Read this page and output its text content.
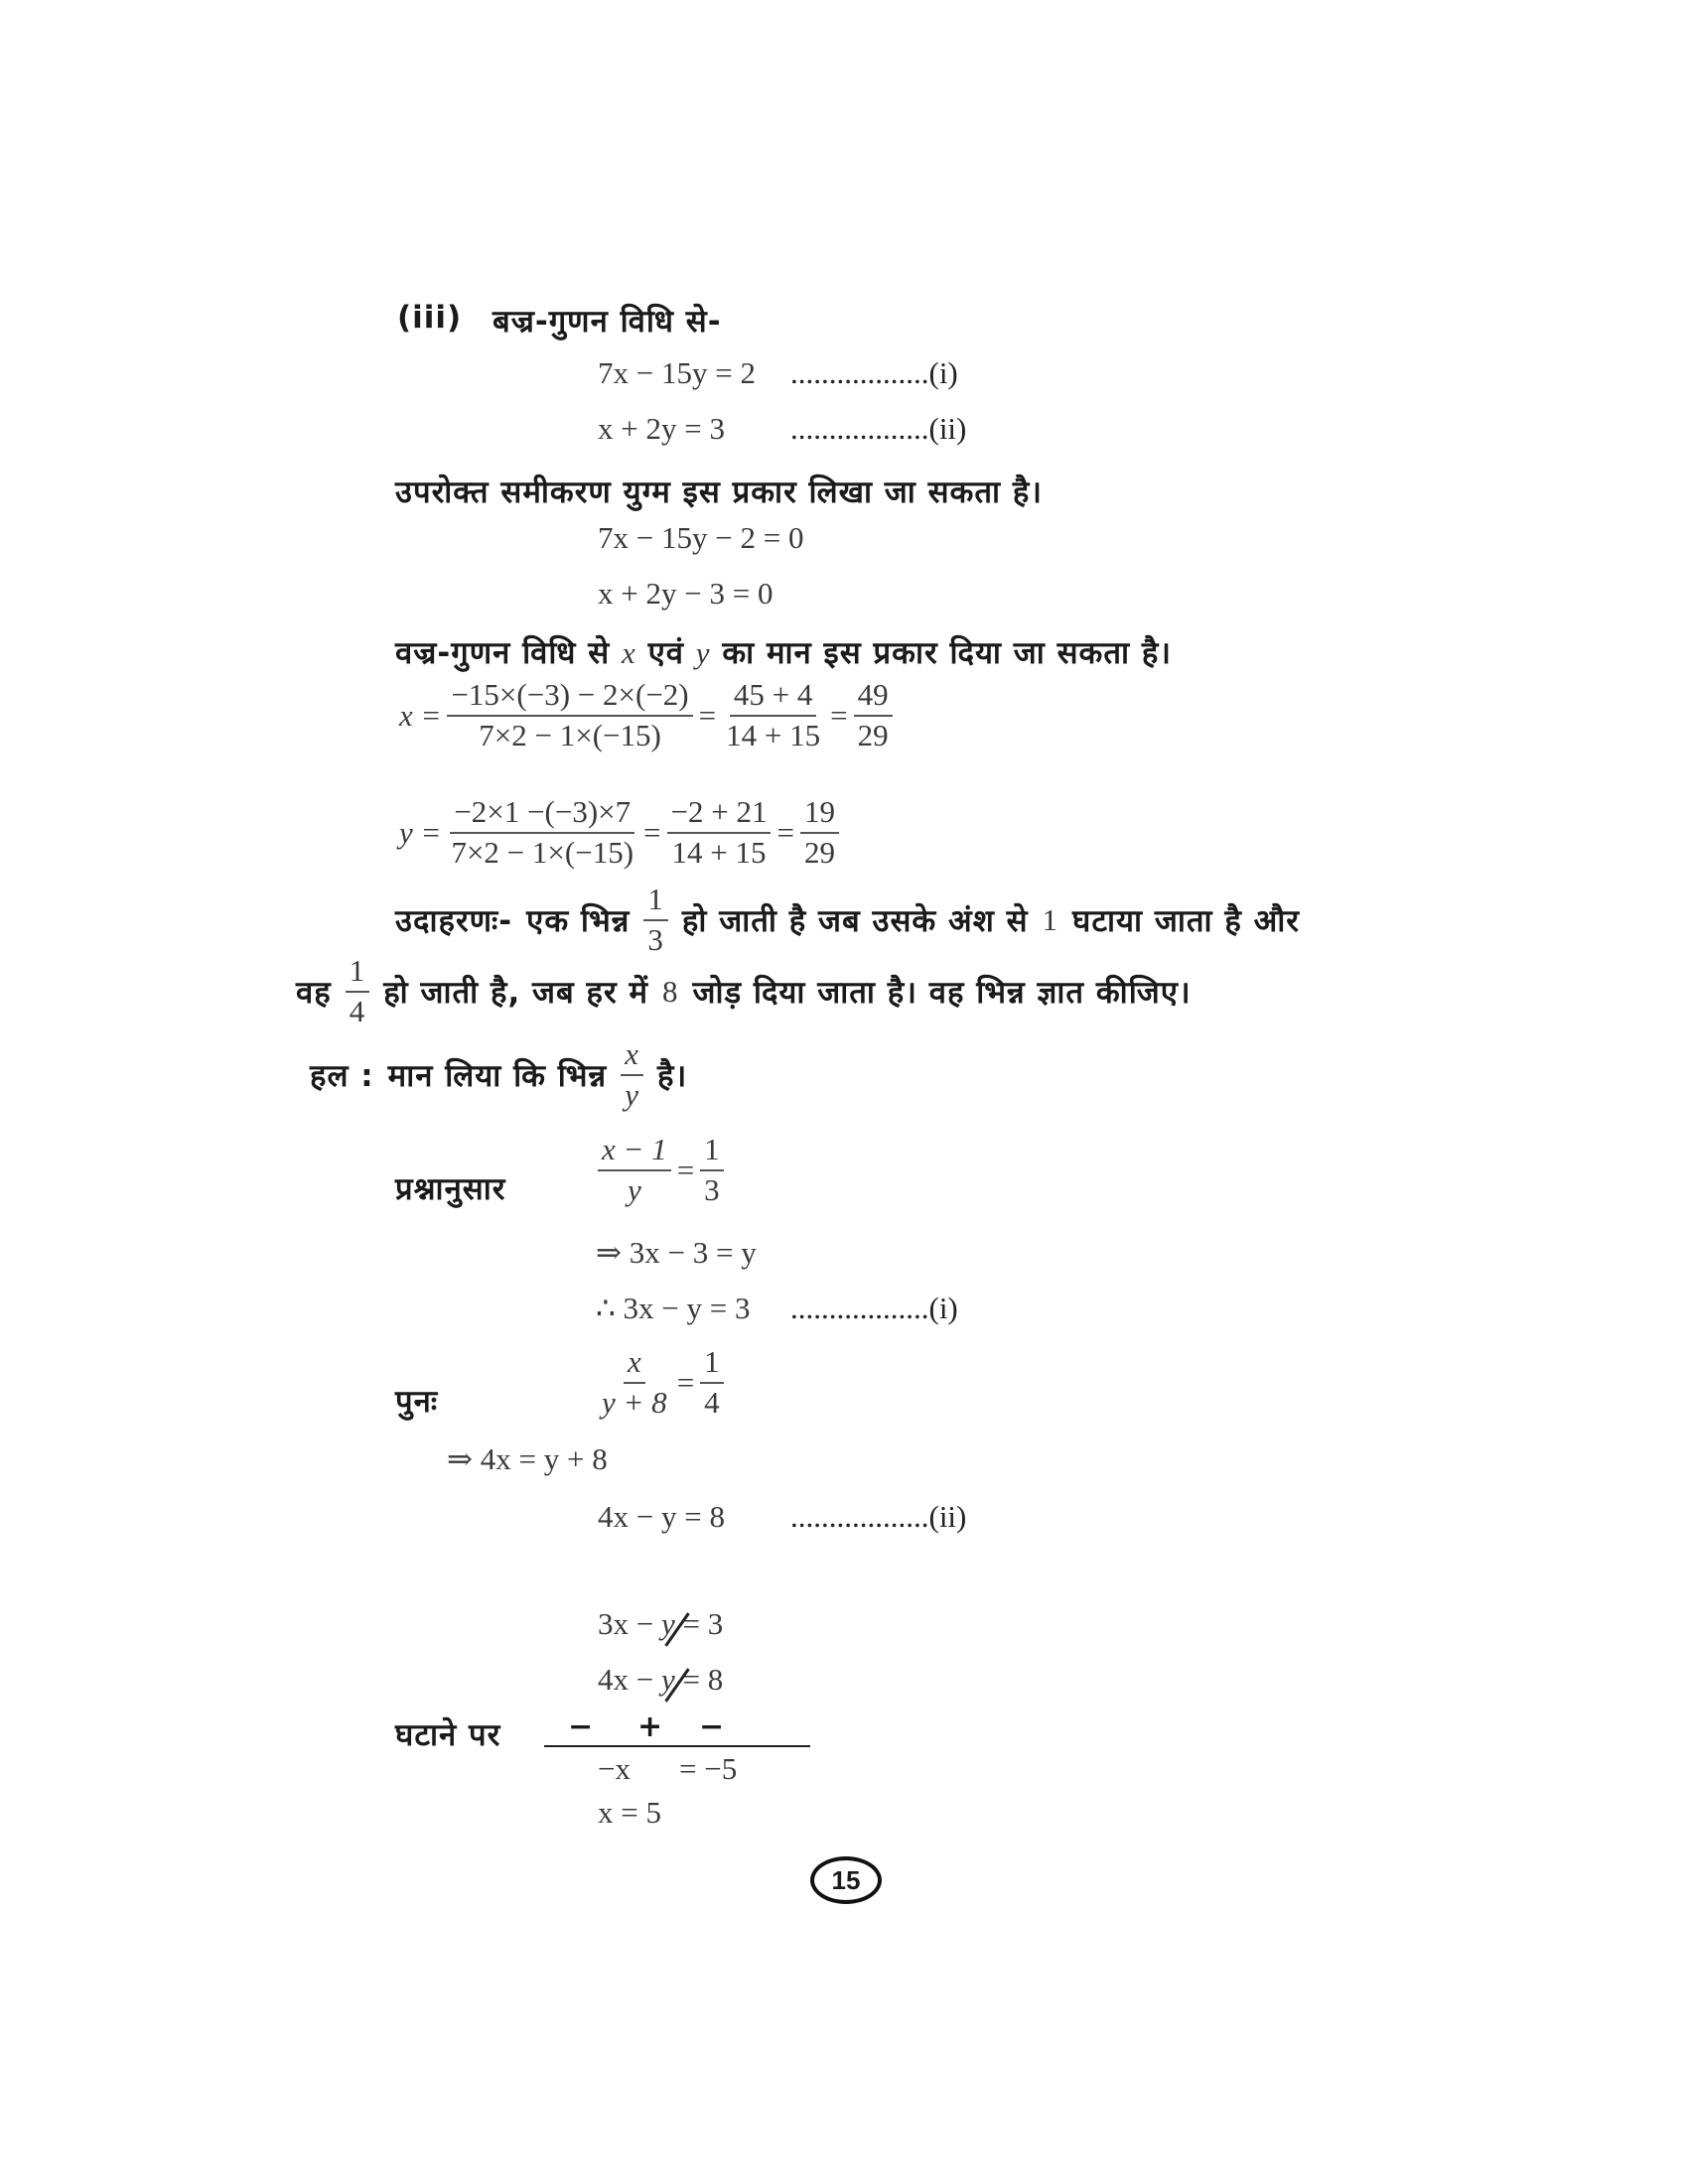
(iii) बज्र-गुणन विधि से-
7x − 15y = 2 ..................(i)
x + 2y = 3 ..................(ii)
उपरोक्त समीकरण युग्म इस प्रकार लिखा जा सकता है।
7x − 15y − 2 = 0
x + 2y − 3 = 0
वज्र-गुणन विधि से x एवं y का मान इस प्रकार दिया जा सकता है।
$x = \frac{-15\times(-3) - 2\times(-2)}{7\times 2 - 1\times(-15)} = \frac{45 + 4}{14 + 15} = \frac{49}{29}$
$y = \frac{-2\times 1 -(-3)\times 7}{7\times 2 - 1\times(-15)} = \frac{-2 + 21}{14 + 15} = \frac{19}{29}$
उदाहरणः- एक भिन्न $\frac{1}{3}$ हो जाती है जब उसके अंश से 1 घटाया जाता है और
वह $\frac{1}{4}$ हो जाती है, जब हर में 8 जोड़ दिया जाता है। वह भिन्न ज्ञात कीजिए।
हल : मान लिया कि भिन्न $\frac{x}{y}$ है।
प्रश्नानुसार	$\frac{x - 1}{y} = \frac{1}{3}$
⇒ 3x − 3 = y
∴ 3x − y = 3 ..................(i)
पुनः	$\frac{x}{y + 8} = \frac{1}{4}$
⇒ 4x = y + 8
4x − y = 8 ..................(ii)
3x − y = 3
4x − y = 8
घटाने पर − + −
−x = −5
x = 5
15
